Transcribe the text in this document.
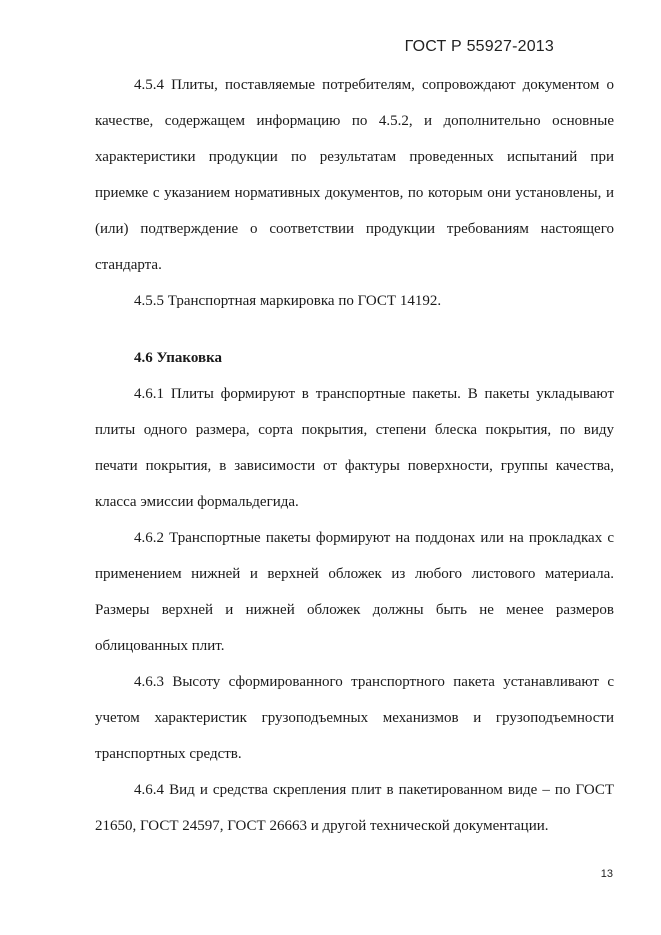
ГОСТ Р 55927-2013

4.5.4 Плиты, поставляемые потребителям, сопровождают документом о качестве, содержащем информацию по 4.5.2, и дополнительно основные характеристики продукции по результатам проведенных испытаний при приемке с указанием нормативных документов, по которым они установлены, и (или) подтверждение о соответствии продукции требованиям настоящего стандарта.

4.5.5 Транспортная маркировка по ГОСТ 14192.

4.6 Упаковка

4.6.1 Плиты формируют в транспортные пакеты. В пакеты укладывают плиты одного размера, сорта покрытия, степени блеска покрытия, по виду печати покрытия, в зависимости от фактуры поверхности, группы качества, класса эмиссии формальдегида.

4.6.2 Транспортные пакеты формируют на поддонах или на прокладках с применением нижней и верхней обложек из любого листового материала. Размеры верхней и нижней обложек должны быть не менее размеров облицованных плит.

4.6.3 Высоту сформированного транспортного пакета устанавливают с учетом характеристик грузоподъемных механизмов и грузоподъемности транспортных средств.

4.6.4 Вид и средства скрепления плит в пакетированном виде – по ГОСТ 21650, ГОСТ 24597, ГОСТ 26663 и другой технической документации.

13
